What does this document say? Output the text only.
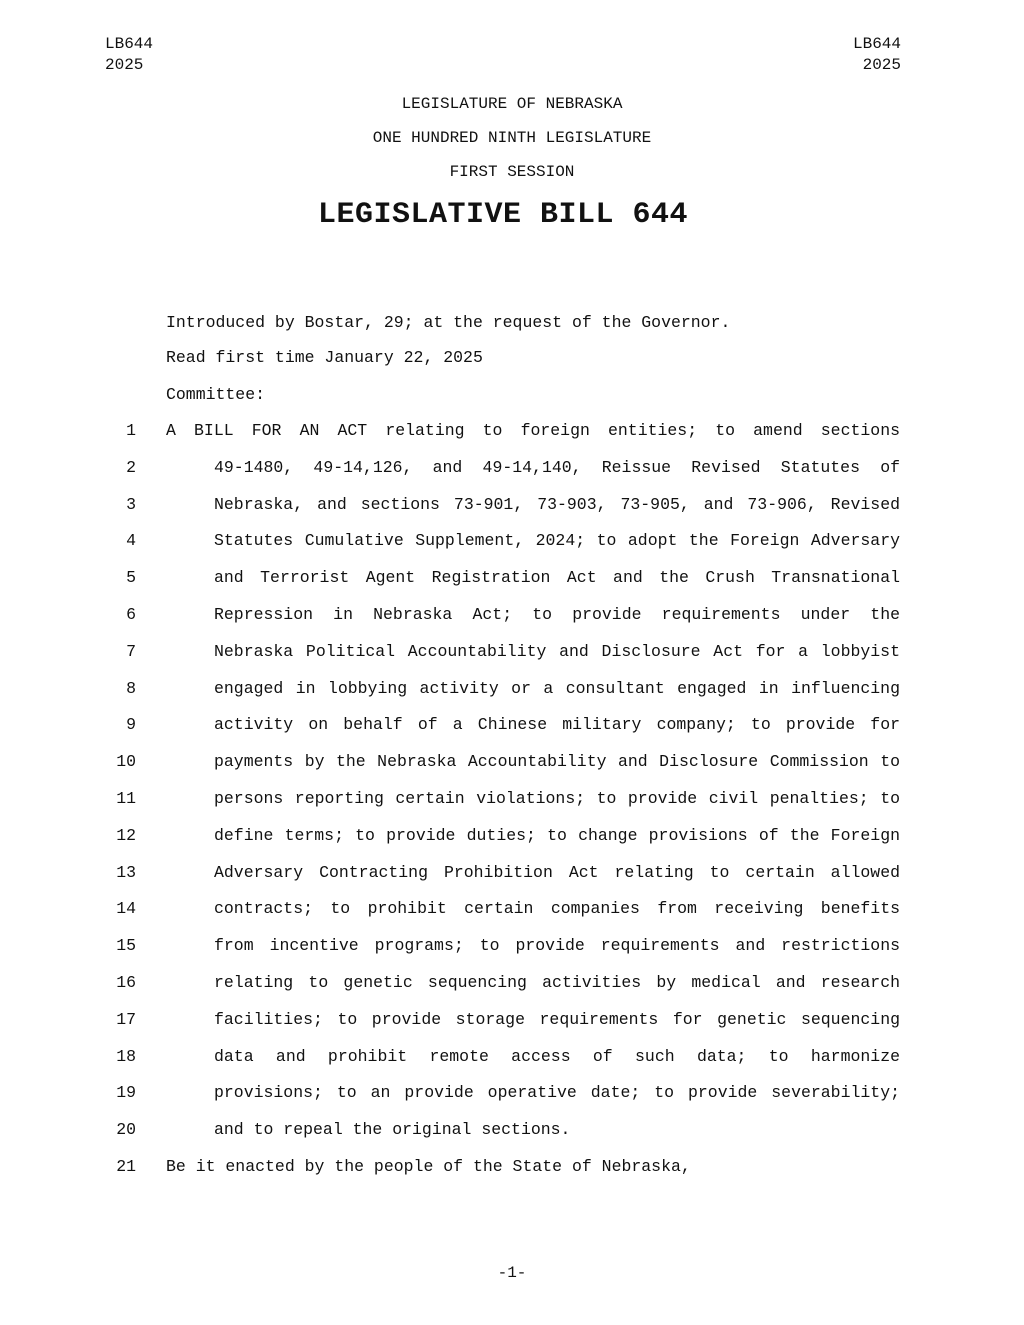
LB644
2025
LB644
2025
LEGISLATURE OF NEBRASKA
ONE HUNDRED NINTH LEGISLATURE
FIRST SESSION
LEGISLATIVE BILL 644
Introduced by Bostar, 29; at the request of the Governor.
Read first time January 22, 2025
Committee:
1 A BILL FOR AN ACT relating to foreign entities; to amend sections
2	49-1480, 49-14,126, and 49-14,140, Reissue Revised Statutes of
3	Nebraska, and sections 73-901, 73-903, 73-905, and 73-906, Revised
4	Statutes Cumulative Supplement, 2024; to adopt the Foreign Adversary
5	and Terrorist Agent Registration Act and the Crush Transnational
6	Repression in Nebraska Act; to provide requirements under the
7	Nebraska Political Accountability and Disclosure Act for a lobbyist
8	engaged in lobbying activity or a consultant engaged in influencing
9	activity on behalf of a Chinese military company; to provide for
10	payments by the Nebraska Accountability and Disclosure Commission to
11	persons reporting certain violations; to provide civil penalties; to
12	define terms; to provide duties; to change provisions of the Foreign
13	Adversary Contracting Prohibition Act relating to certain allowed
14	contracts; to prohibit certain companies from receiving benefits
15	from incentive programs; to provide requirements and restrictions
16	relating to genetic sequencing activities by medical and research
17	facilities; to provide storage requirements for genetic sequencing
18	data and prohibit remote access of such data; to harmonize
19	provisions; to an provide operative date; to provide severability;
20	and to repeal the original sections.
21 Be it enacted by the people of the State of Nebraska,
-1-
